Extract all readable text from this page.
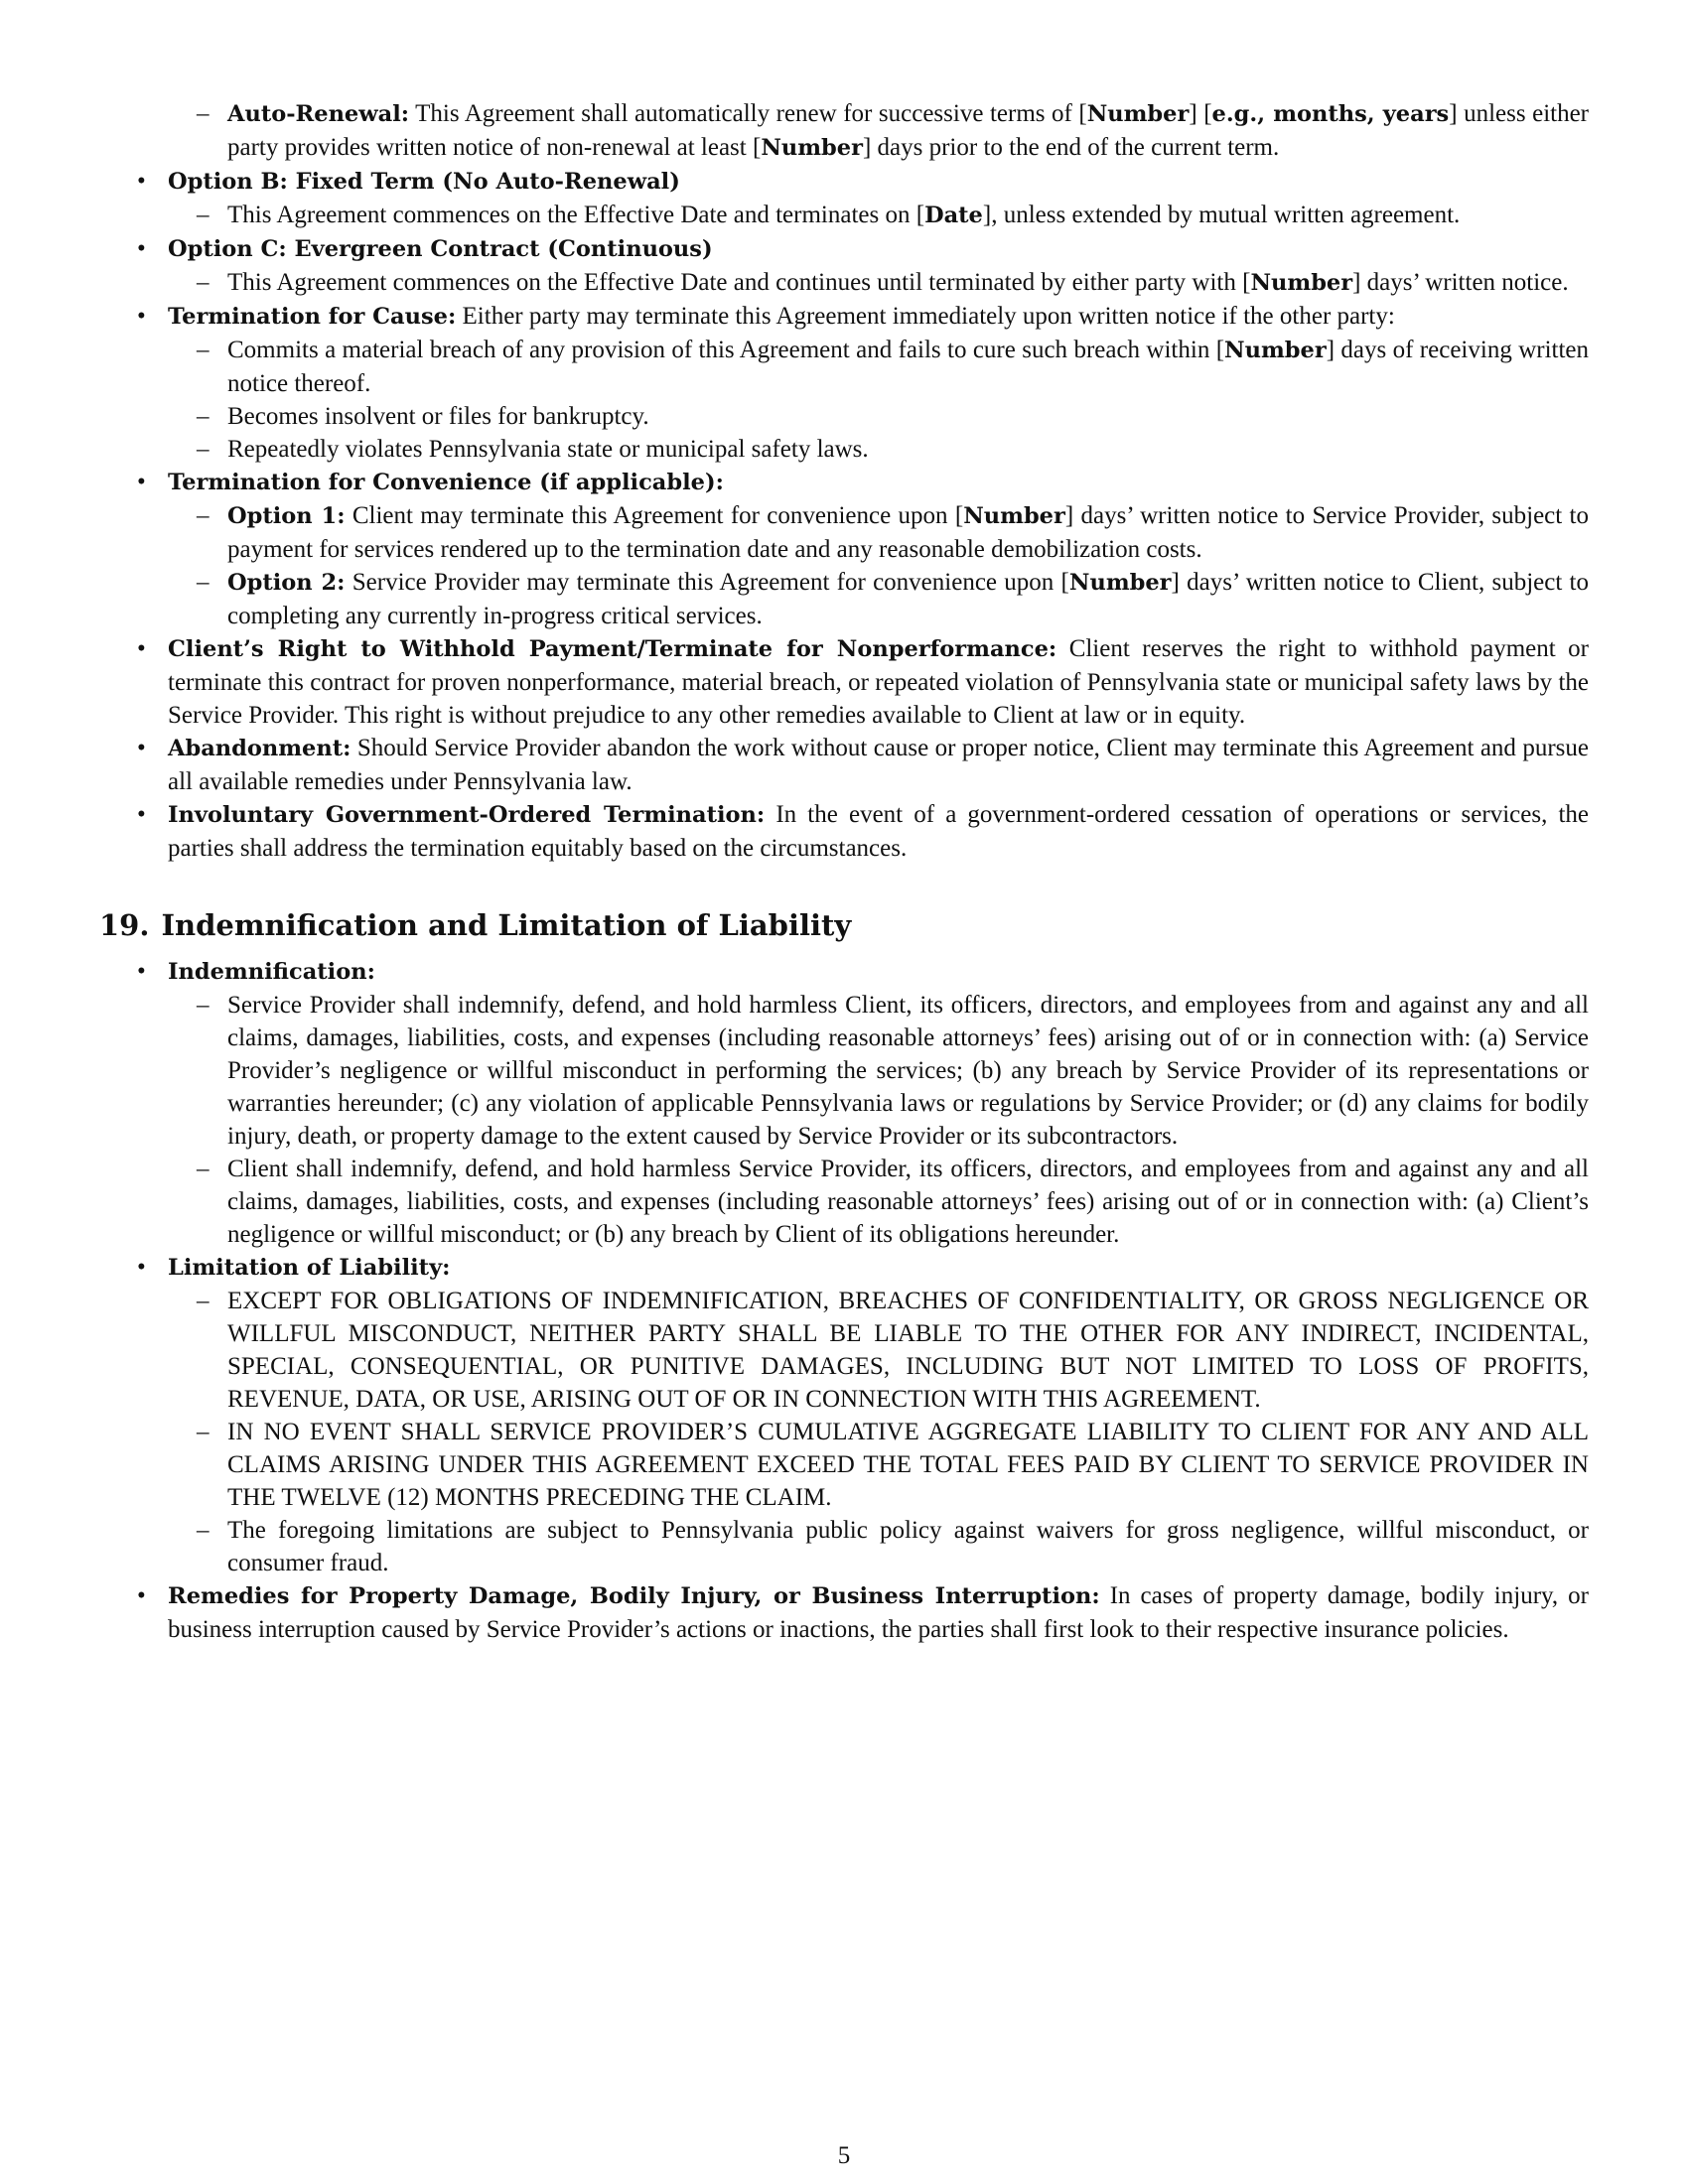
– Auto-Renewal: This Agreement shall automatically renew for successive terms of [Number] [e.g., months, years] unless either party provides written notice of non-renewal at least [Number] days prior to the end of the current term.
• Option B: Fixed Term (No Auto-Renewal)
– This Agreement commences on the Effective Date and terminates on [Date], unless extended by mutual written agreement.
• Option C: Evergreen Contract (Continuous)
– This Agreement commences on the Effective Date and continues until terminated by either party with [Number] days’ written notice.
• Termination for Cause: Either party may terminate this Agreement immediately upon written notice if the other party:
– Commits a material breach of any provision of this Agreement and fails to cure such breach within [Number] days of receiving written notice thereof.
– Becomes insolvent or files for bankruptcy.
– Repeatedly violates Pennsylvania state or municipal safety laws.
• Termination for Convenience (if applicable):
– Option 1: Client may terminate this Agreement for convenience upon [Number] days’ written notice to Service Provider, subject to payment for services rendered up to the termination date and any reasonable demobilization costs.
– Option 2: Service Provider may terminate this Agreement for convenience upon [Number] days’ written notice to Client, subject to completing any currently in-progress critical services.
• Client’s Right to Withhold Payment/Terminate for Nonperformance: Client reserves the right to withhold payment or terminate this contract for proven nonperformance, material breach, or repeated violation of Pennsylvania state or municipal safety laws by the Service Provider. This right is without prejudice to any other remedies available to Client at law or in equity.
• Abandonment: Should Service Provider abandon the work without cause or proper notice, Client may terminate this Agreement and pursue all available remedies under Pennsylvania law.
• Involuntary Government-Ordered Termination: In the event of a government-ordered cessation of operations or services, the parties shall address the termination equitably based on the circumstances.
19. Indemnification and Limitation of Liability
• Indemnification:
– Service Provider shall indemnify, defend, and hold harmless Client, its officers, directors, and employees from and against any and all claims, damages, liabilities, costs, and expenses (including reasonable attorneys’ fees) arising out of or in connection with: (a) Service Provider’s negligence or willful misconduct in performing the services; (b) any breach by Service Provider of its representations or warranties hereunder; (c) any violation of applicable Pennsylvania laws or regulations by Service Provider; or (d) any claims for bodily injury, death, or property damage to the extent caused by Service Provider or its subcontractors.
– Client shall indemnify, defend, and hold harmless Service Provider, its officers, directors, and employees from and against any and all claims, damages, liabilities, costs, and expenses (including reasonable attorneys’ fees) arising out of or in connection with: (a) Client’s negligence or willful misconduct; or (b) any breach by Client of its obligations hereunder.
• Limitation of Liability:
– EXCEPT FOR OBLIGATIONS OF INDEMNIFICATION, BREACHES OF CONFIDENTIALITY, OR GROSS NEGLIGENCE OR WILLFUL MISCONDUCT, NEITHER PARTY SHALL BE LIABLE TO THE OTHER FOR ANY INDIRECT, INCIDENTAL, SPECIAL, CONSEQUENTIAL, OR PUNITIVE DAMAGES, INCLUDING BUT NOT LIMITED TO LOSS OF PROFITS, REVENUE, DATA, OR USE, ARISING OUT OF OR IN CONNECTION WITH THIS AGREEMENT.
– IN NO EVENT SHALL SERVICE PROVIDER’S CUMULATIVE AGGREGATE LIABILITY TO CLIENT FOR ANY AND ALL CLAIMS ARISING UNDER THIS AGREEMENT EXCEED THE TOTAL FEES PAID BY CLIENT TO SERVICE PROVIDER IN THE TWELVE (12) MONTHS PRECEDING THE CLAIM.
– The foregoing limitations are subject to Pennsylvania public policy against waivers for gross negligence, willful misconduct, or consumer fraud.
• Remedies for Property Damage, Bodily Injury, or Business Interruption: In cases of property damage, bodily injury, or business interruption caused by Service Provider’s actions or inactions, the parties shall first look to their respective insurance policies.
5
